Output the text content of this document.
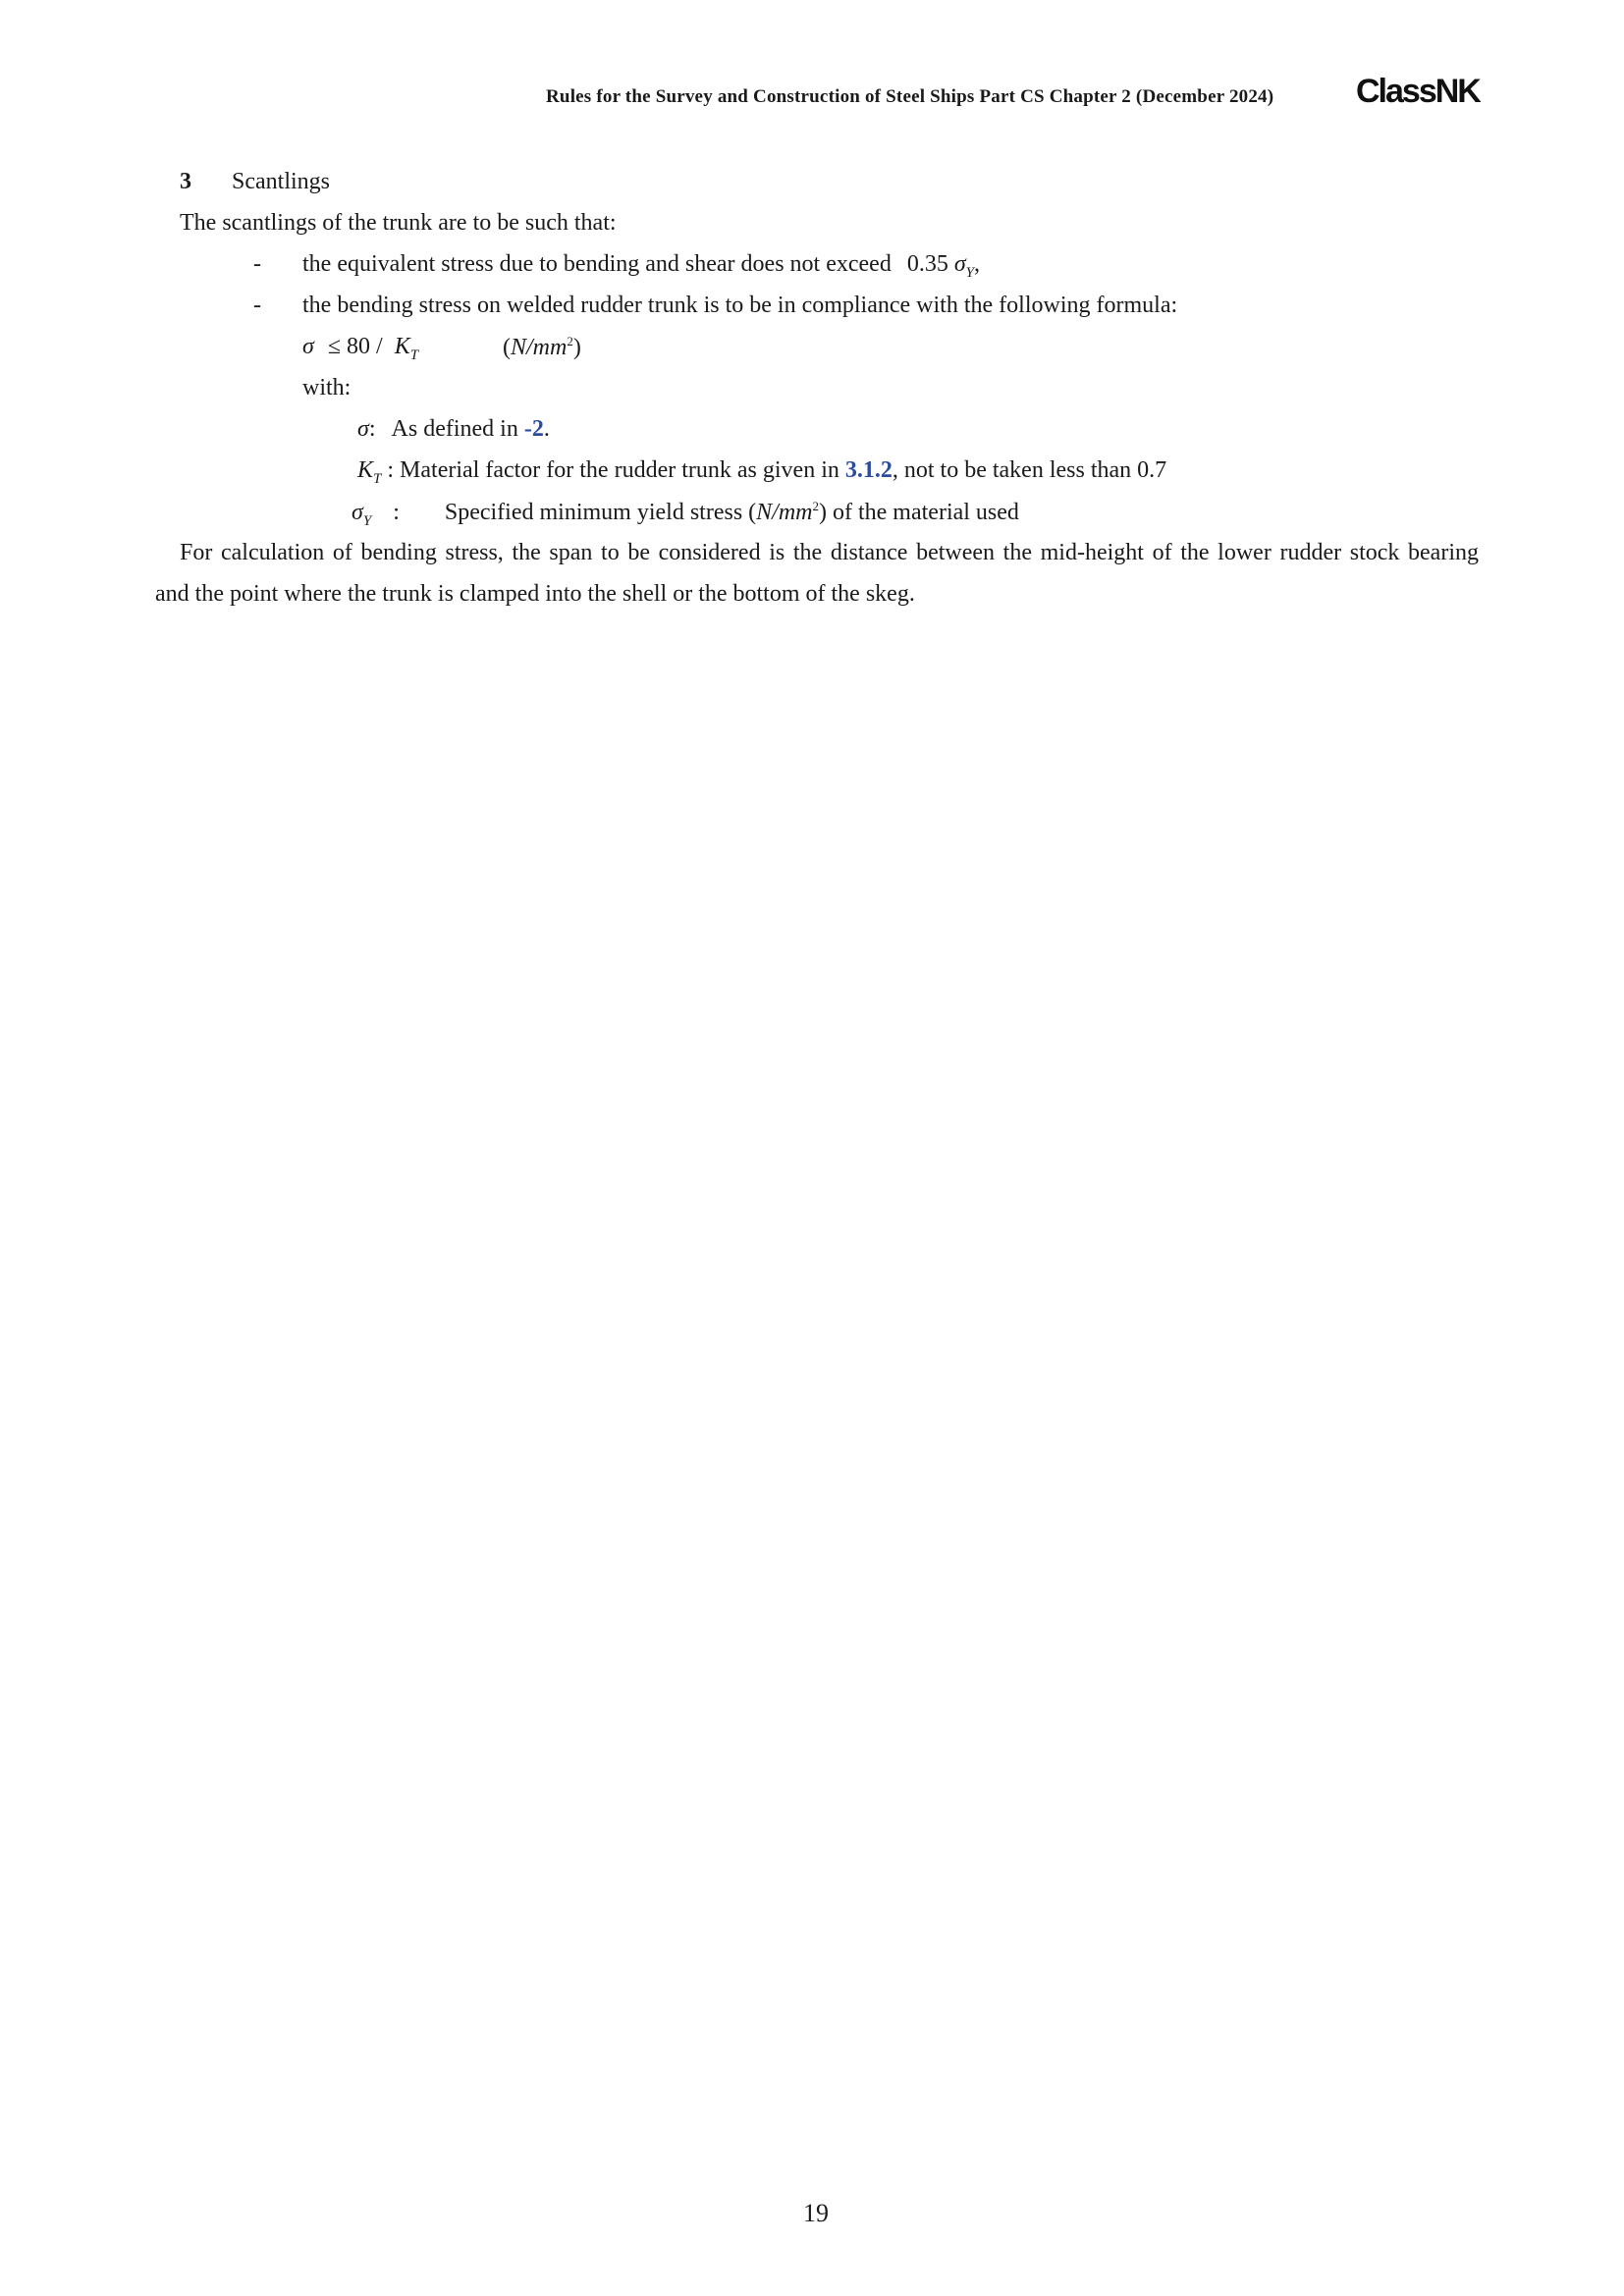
Rules for the Survey and Construction of Steel Ships Part CS Chapter 2 (December 2024) ClassNK
3 Scantlings
The scantlings of the trunk are to be such that:
- the equivalent stress due to bending and shear does not exceed 0.35 $\sigma_Y$,
- the bending stress on welded rudder trunk is to be in compliance with the following formula:
$\sigma \le 80 / K_T$	$(N/mm^2)$
with:
σ: As defined in -2.
$K_T$ : Material factor for the rudder trunk as given in 3.1.2, not to be taken less than 0.7
$\sigma_Y$ : Specified minimum yield stress $(N/mm^2)$ of the material used
For calculation of bending stress, the span to be considered is the distance between the mid-height of the lower rudder stock bearing
and the point where the trunk is clamped into the shell or the bottom of the skeg.
19
